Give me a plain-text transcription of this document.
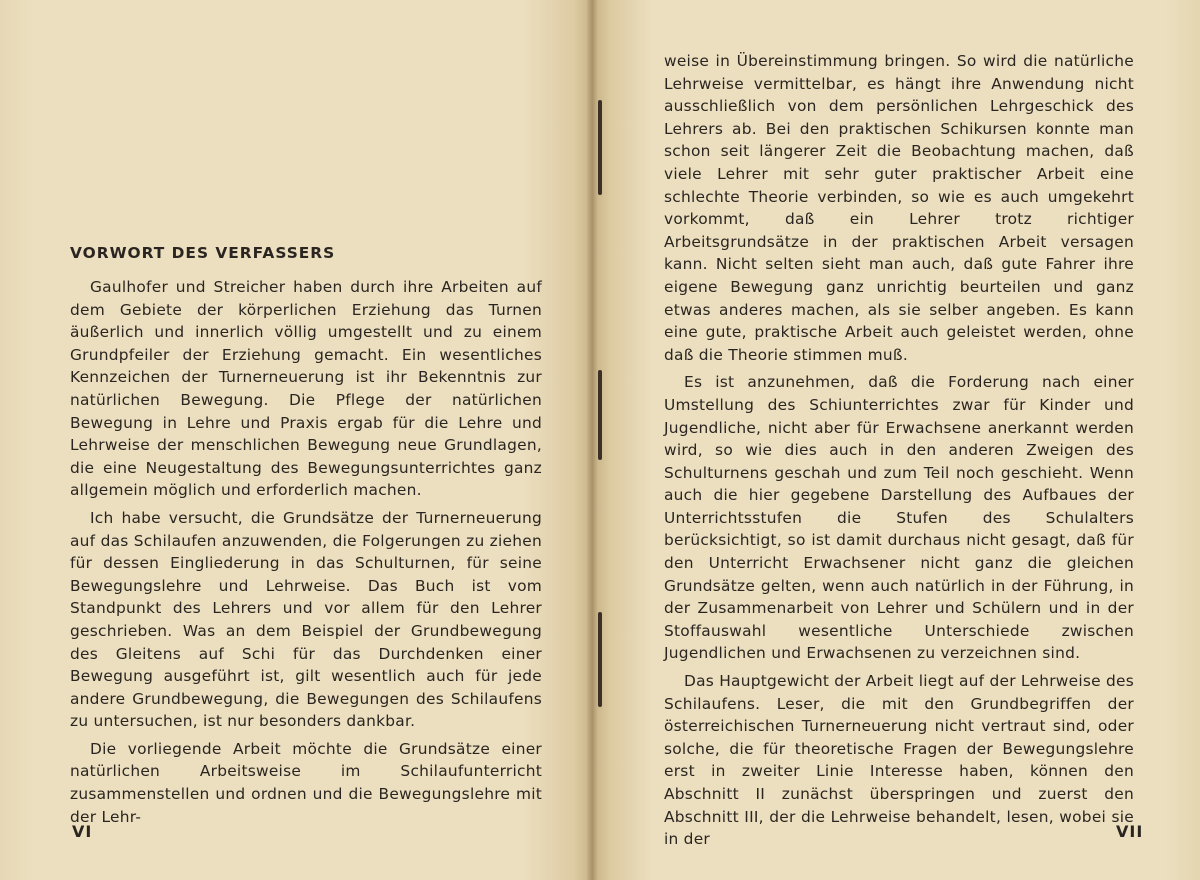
VORWORT DES VERFASSERS

Gaulhofer und Streicher haben durch ihre Arbeiten auf dem Gebiete der körperlichen Erziehung das Turnen äußerlich und innerlich völlig umgestellt und zu einem Grundpfeiler der Erziehung gemacht. Ein wesentliches Kennzeichen der Turnerneuerung ist ihr Bekenntnis zur natürlichen Bewegung. Die Pflege der natürlichen Bewegung in Lehre und Praxis ergab für die Lehre und Lehrweise der menschlichen Bewegung neue Grundlagen, die eine Neugestaltung des Bewegungsunterrichtes ganz allgemein möglich und erforderlich machen.

Ich habe versucht, die Grundsätze der Turnerneuerung auf das Schilaufen anzuwenden, die Folgerungen zu ziehen für dessen Eingliederung in das Schulturnen, für seine Bewegungslehre und Lehrweise. Das Buch ist vom Standpunkt des Lehrers und vor allem für den Lehrer geschrieben. Was an dem Beispiel der Grundbewegung des Gleitens auf Schi für das Durchdenken einer Bewegung ausgeführt ist, gilt wesentlich auch für jede andere Grundbewegung, die Bewegungen des Schilaufens zu untersuchen, ist nur besonders dankbar.

Die vorliegende Arbeit möchte die Grundsätze einer natürlichen Arbeitsweise im Schilaufunterricht zusammenstellen und ordnen und die Bewegungslehre mit der Lehr-

weise in Übereinstimmung bringen. So wird die natürliche Lehrweise vermittelbar, es hängt ihre Anwendung nicht ausschließlich von dem persönlichen Lehrgeschick des Lehrers ab. Bei den praktischen Schikursen konnte man schon seit längerer Zeit die Beobachtung machen, daß viele Lehrer mit sehr guter praktischer Arbeit eine schlechte Theorie verbinden, so wie es auch umgekehrt vorkommt, daß ein Lehrer trotz richtiger Arbeitsgrundsätze in der praktischen Arbeit versagen kann. Nicht selten sieht man auch, daß gute Fahrer ihre eigene Bewegung ganz unrichtig beurteilen und ganz etwas anderes machen, als sie selber angeben. Es kann eine gute, praktische Arbeit auch geleistet werden, ohne daß die Theorie stimmen muß.

Es ist anzunehmen, daß die Forderung nach einer Umstellung des Schiunterrichtes zwar für Kinder und Jugendliche, nicht aber für Erwachsene anerkannt werden wird, so wie dies auch in den anderen Zweigen des Schulturnens geschah und zum Teil noch geschieht. Wenn auch die hier gegebene Darstellung des Aufbaues der Unterrichtsstufen die Stufen des Schulalters berücksichtigt, so ist damit durchaus nicht gesagt, daß für den Unterricht Erwachsener nicht ganz die gleichen Grundsätze gelten, wenn auch natürlich in der Führung, in der Zusammenarbeit von Lehrer und Schülern und in der Stoffauswahl wesentliche Unterschiede zwischen Jugendlichen und Erwachsenen zu verzeichnen sind.

Das Hauptgewicht der Arbeit liegt auf der Lehrweise des Schilaufens. Leser, die mit den Grundbegriffen der österreichischen Turnerneuerung nicht vertraut sind, oder solche, die für theoretische Fragen der Bewegungslehre erst in zweiter Linie Interesse haben, können den Abschnitt II zunächst überspringen und zuerst den Abschnitt III, der die Lehrweise behandelt, lesen, wobei sie in der

VI	VII
